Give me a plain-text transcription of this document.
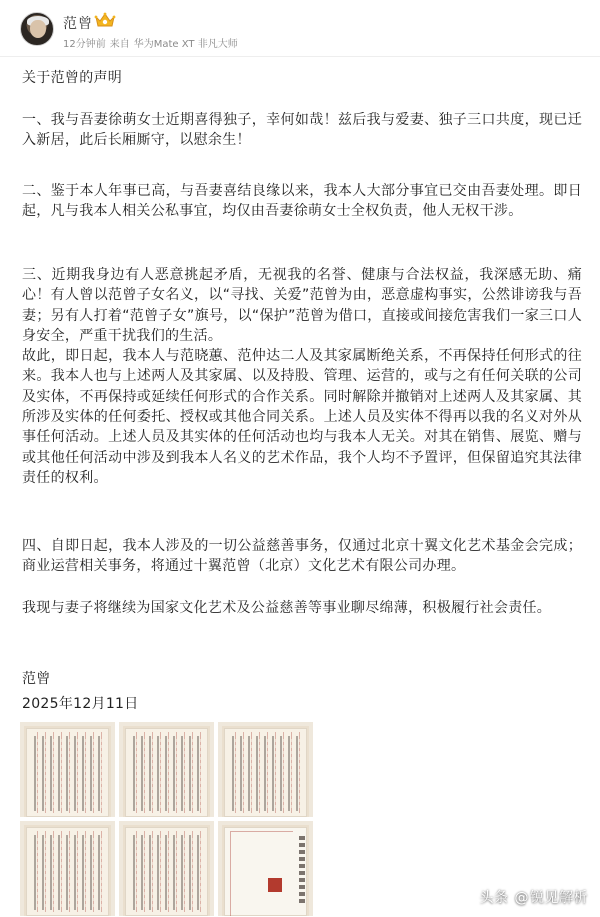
范曾
12分钟前 来自 华为Mate XT 非凡大师

关于范曾的声明

一、我与吾妻徐萌女士近期喜得独子，幸何如哉！兹后我与爱妻、独子三口共度，现已迁入新居，此后长厢厮守，以慰余生！

二、鉴于本人年事已高，与吾妻喜结良缘以来，我本人大部分事宜已交由吾妻处理。即日起，凡与我本人相关公私事宜，均仅由吾妻徐萌女士全权负责，他人无权干涉。

三、近期我身边有人恶意挑起矛盾，无视我的名誉、健康与合法权益，我深感无助、痛心！有人曾以范曾子女名义，以“寻找、关爱”范曾为由，恶意虚构事实，公然诽谤我与吾妻；另有人打着“范曾子女”旗号，以“保护”范曾为借口，直接或间接危害我们一家三口人身安全，严重干扰我们的生活。

故此，即日起，我本人与范晓蕙、范仲达二人及其家属断绝关系，不再保持任何形式的往来。我本人也与上述两人及其家属、以及持股、管理、运营的，或与之有任何关联的公司及实体，不再保持或延续任何形式的合作关系。同时解除并撤销对上述两人及其家属、其所涉及实体的任何委托、授权或其他合同关系。上述人员及实体不得再以我的名义对外从事任何活动。上述人员及其实体的任何活动也均与我本人无关。对其在销售、展览、赠与或其他任何活动中涉及到我本人名义的艺术作品，我个人均不予置评，但保留追究其法律责任的权利。

四、自即日起，我本人涉及的一切公益慈善事务，仅通过北京十翼文化艺术基金会完成；商业运营相关事务，将通过十翼范曾（北京）文化艺术有限公司办理。

我现与妻子将继续为国家文化艺术及公益慈善等事业聊尽绵薄，积极履行社会责任。

范曾

2025年12月11日

头条 @锐见解析
